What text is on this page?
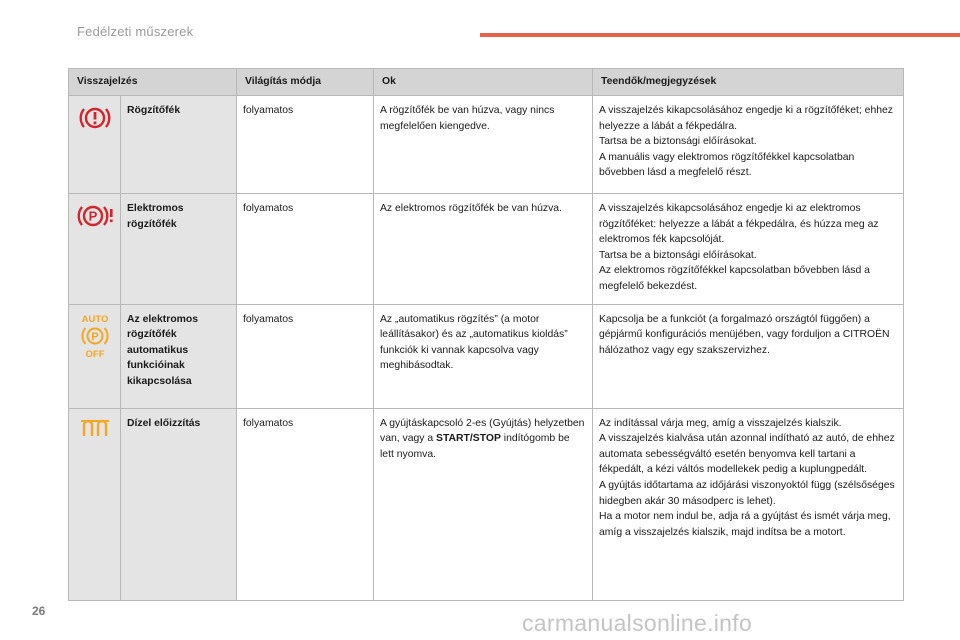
Fedélzeti műszerek
Visszajelzés		Világítás módja	Ok	Teendők/megjegyzések

	Rögzítőfék	folyamatos	A rögzítőfék be van húzva, vagy nincs megfelelően kiengedve.	A visszajelzés kikapcsolásához engedje ki a rögzítőféket; ehhez helyezze a lábát a fékpedálra.
Tartsa be a biztonsági előírásokat.
A manuális vagy elektromos rögzítőfékkel kapcsolatban bővebben lásd a megfelelő részt.

P	Elektromos rögzítőfék	folyamatos	Az elektromos rögzítőfék be van húzva.	A visszajelzés kikapcsolásához engedje ki az elektromos rögzítőféket: helyezze a lábát a fékpedálra, és húzza meg az elektromos fék kapcsolóját.
Tartsa be a biztonsági előírásokat.
Az elektromos rögzítőfékkel kapcsolatban bővebben lásd a megfelelő bekezdést.

AUTO
P
OFF	Az elektromos rögzítőfék automatikus funkcióinak kikapcsolása	folyamatos	Az „automatikus rögzítés” (a motor leállításakor) és az „automatikus kioldás” funkciók ki vannak kapcsolva vagy meghibásodtak.	Kapcsolja be a funkciót (a forgalmazó országtól függően) a gépjármű konfigurációs menüjében, vagy forduljon a CITROËN hálózathoz vagy egy szakszervizhez.

	Dízel előizzítás	folyamatos	A gyújtáskapcsoló 2-es (Gyújtás) helyzetben van, vagy a START/STOP indítógomb be lett nyomva.	Az indítással várja meg, amíg a visszajelzés kialszik.
A visszajelzés kialvása után azonnal indítható az autó, de ehhez automata sebességváltó esetén benyomva kell tartani a fékpedált, a kézi váltós modellekek pedig a kuplungpedált.
A gyújtás időtartama az időjárási viszonyoktól függ (szélsőséges hidegben akár 30 másodperc is lehet).
Ha a motor nem indul be, adja rá a gyújtást és ismét várja meg, amíg a visszajelzés kialszik, majd indítsa be a motort.
26	carmanualsonline.info
